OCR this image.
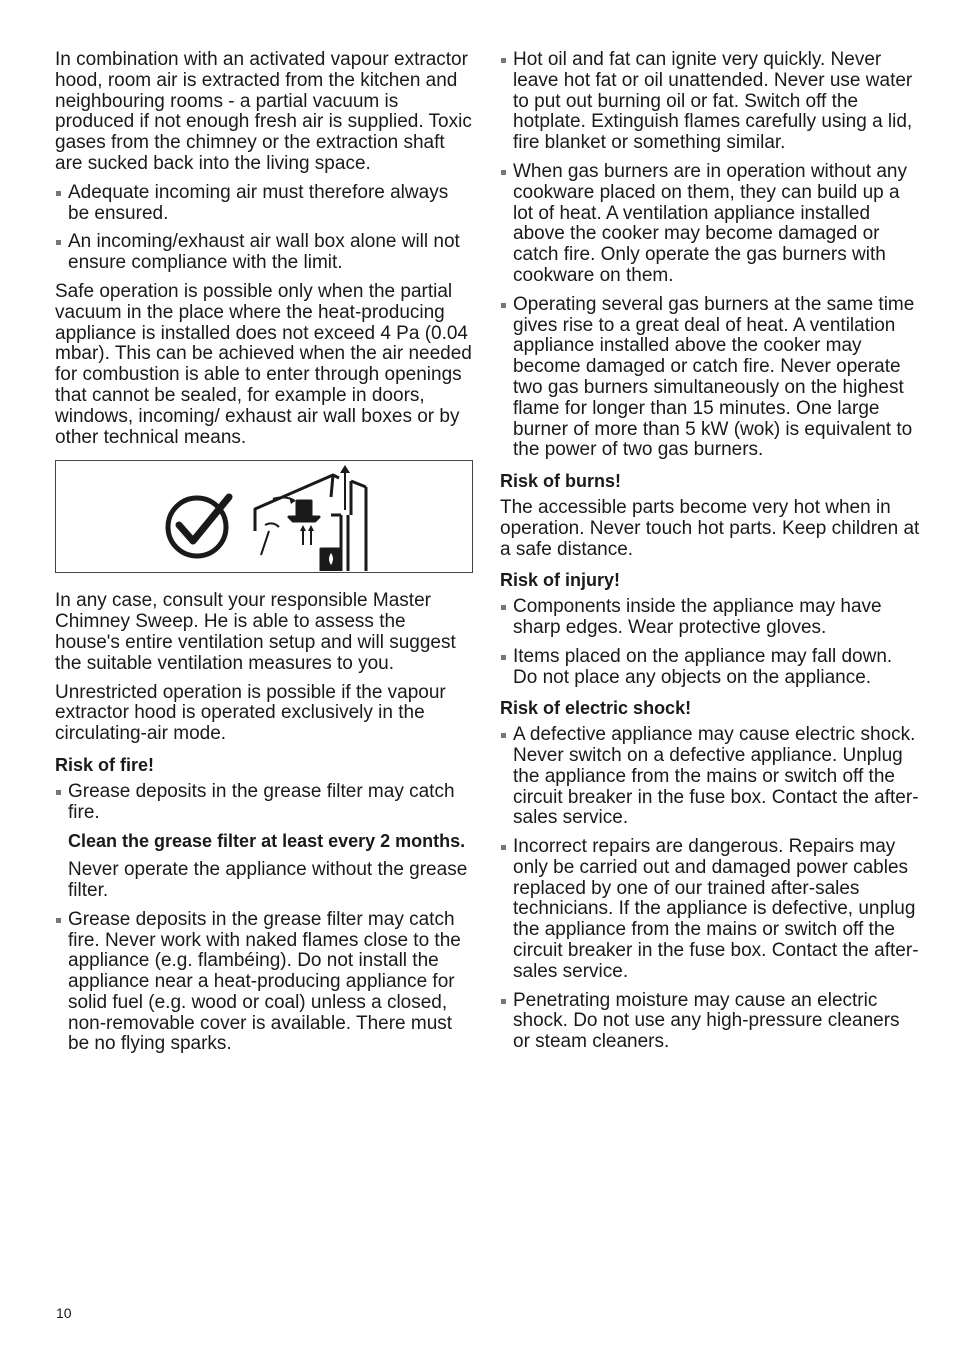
In combination with an activated vapour extractor hood, room air is extracted from the kitchen and neighbouring rooms - a partial vacuum is produced if not enough fresh air is supplied. Toxic gases from the chimney or the extraction shaft are sucked back into the living space.

Adequate incoming air must therefore always be ensured.
An incoming/exhaust air wall box alone will not ensure compliance with the limit.

Safe operation is possible only when the partial vacuum in the place where the heat-producing appliance is installed does not exceed 4 Pa (0.04 mbar). This can be achieved when the air needed for combustion is able to enter through openings that cannot be sealed, for example in doors, windows, incoming/ exhaust air wall boxes or by other technical means.

In any case, consult your responsible Master Chimney Sweep. He is able to assess the house's entire ventilation setup and will suggest the suitable ventilation measures to you.

Unrestricted operation is possible if the vapour extractor hood is operated exclusively in the circulating-air mode.

Risk of fire!
Grease deposits in the grease filter may catch fire.
Clean the grease filter at least every 2 months.

Never operate the appliance without the grease filter.

Grease deposits in the grease filter may catch fire. Never work with naked flames close to the appliance (e.g. flambéing). Do not install the appliance near a heat-producing appliance for solid fuel (e.g. wood or coal) unless a closed, non-removable cover is available. There must be no flying sparks.
Hot oil and fat can ignite very quickly. Never leave hot fat or oil unattended. Never use water to put out burning oil or fat. Switch off the hotplate. Extinguish flames carefully using a lid, fire blanket or something similar.
When gas burners are in operation without any cookware placed on them, they can build up a lot of heat. A ventilation appliance installed above the cooker may become damaged or catch fire. Only operate the gas burners with cookware on them.
Operating several gas burners at the same time gives rise to a great deal of heat. A ventilation appliance installed above the cooker may become damaged or catch fire. Never operate two gas burners simultaneously on the highest flame for longer than 15 minutes. One large burner of more than 5 kW (wok) is equivalent to the power of two gas burners.
Risk of burns!

The accessible parts become very hot when in operation. Never touch hot parts. Keep children at a safe distance.

Risk of injury!
Components inside the appliance may have sharp edges. Wear protective gloves.
Items placed on the appliance may fall down. Do not place any objects on the appliance.
Risk of electric shock!
A defective appliance may cause electric shock. Never switch on a defective appliance. Unplug the appliance from the mains or switch off the circuit breaker in the fuse box. Contact the after-sales service.
Incorrect repairs are dangerous. Repairs may only be carried out and damaged power cables replaced by one of our trained after-sales technicians. If the appliance is defective, unplug the appliance from the mains or switch off the circuit breaker in the fuse box. Contact the after-sales service.
Penetrating moisture may cause an electric shock. Do not use any high-pressure cleaners or steam cleaners.
10
